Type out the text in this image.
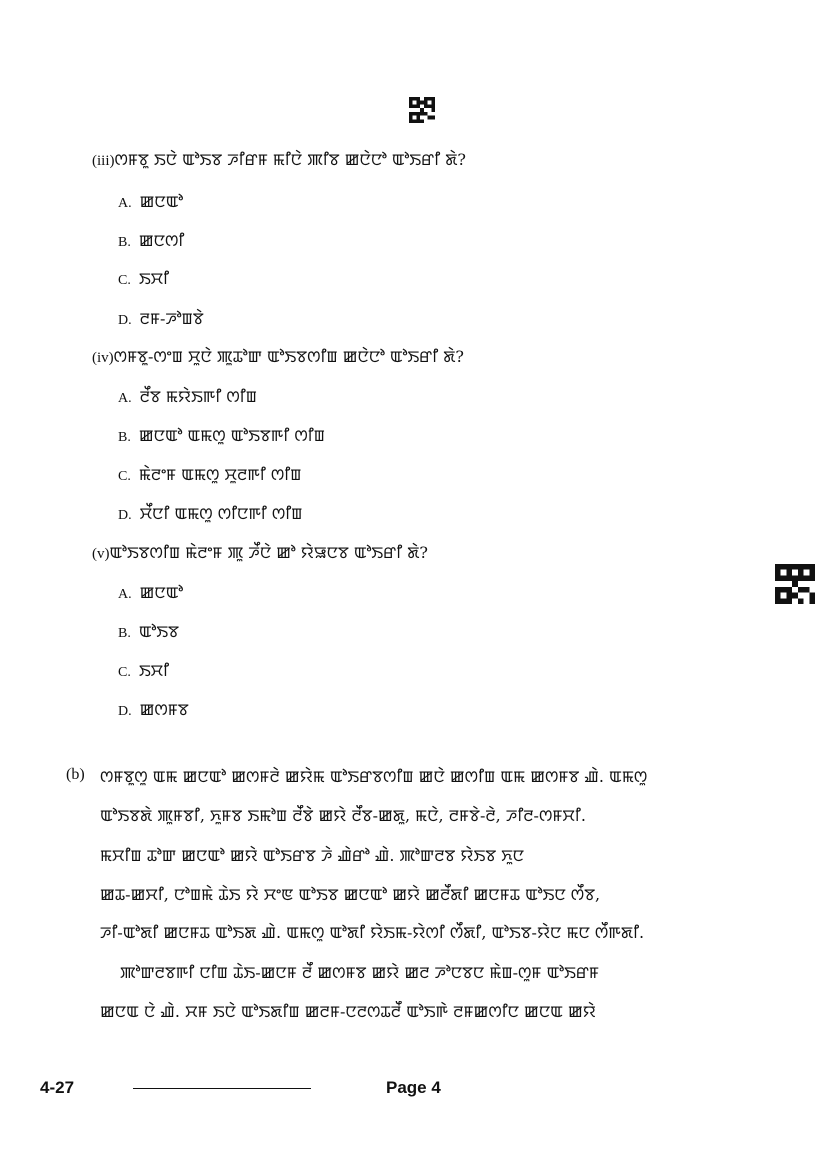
(iii)ꯁꯝꯕꯨ ꯏꯅꯥ ꯑꯣꯏꯕ ꯍꯤꯔꯝ ꯃꯤꯅꯥ ꯄꯤꯕ ꯀꯅꯥꯅꯣ ꯑꯣꯏꯔꯤ ꯗꯥ?
A. ꯀꯅꯑꯣ
B. ꯀꯅꯁꯤ
C. ꯏꯆꯤ
D. ꯂꯝ-ꯍꯣꯡꯕꯥ
(iv)ꯁꯝꯕꯨ-ꯁꯦꯡ ꯆꯨꯅꯥ ꯄꯨꯊꯣꯛ ꯑꯣꯏꯕꯁꯤꯡ ꯀꯅꯥꯅꯣ ꯑꯣꯏꯔꯤ ꯗꯥ?
A. ꯂꯩꯕ ꯃꯌꯥꯏꯒꯤ ꯁꯤꯡ
B. ꯀꯅꯑꯣ ꯑꯃꯁꯨ ꯑꯣꯏꯕꯒꯤ ꯁꯤꯡ
C. ꯃꯥꯂꯦꯝ ꯑꯃꯁꯨ ꯆꯨꯂꯒꯤ ꯁꯤꯡ
D. ꯆꯩꯅꯤ ꯑꯃꯁꯨ ꯁꯤꯅꯒꯤ ꯁꯤꯡ
(v)ꯑꯣꯏꯕꯁꯤꯡ ꯃꯥꯂꯦꯝ ꯄꯨ ꯍꯩꯅꯥ ꯀꯣ ꯌꯥꯎꯅꯕ ꯑꯣꯏꯔꯤ ꯗꯥ?
A. ꯀꯅꯑꯣ
B. ꯑꯣꯏꯕ
C. ꯏꯆꯤ
D. ꯀꯁꯝꯕ
(b) ꯁꯝꯕꯨꯁꯨ ꯑꯃ ꯀꯅꯑꯣ ꯀꯁꯝꯂꯥ ꯀꯌꯥꯃ ꯑꯣꯏꯔꯕꯁꯤꯡ ꯀꯅꯥ ꯀꯁꯤꯡ ꯑꯃ ꯀꯁꯝꯕ ꯉꯥ. ꯑꯃꯁꯨ
ꯑꯣꯏꯕꯗꯥ ꯄꯨꯝꯕꯤ, ꯈꯨꯝꯕ ꯏꯃꯣꯡ ꯂꯩꯕꯥ ꯀꯌꯥ ꯂꯩꯕ-ꯀꯗꯨ, ꯃꯅꯥ, ꯂꯝꯕꯥ-ꯂꯥ, ꯍꯤꯂ-ꯁꯝꯆꯤ.
ꯃꯆꯤꯡ ꯊꯣꯛ ꯀꯅꯑꯣ ꯀꯌꯥ ꯑꯣꯏꯔꯕ ꯍꯥ ꯉꯥꯔꯣ ꯉꯥ. ꯄꯣꯛꯂꯕ ꯌꯥꯏꯕ ꯈꯨꯅ
ꯀꯊ-ꯀꯆꯤ, ꯅꯣꯡꯃꯥ ꯊꯥꯏ ꯌꯥ ꯆꯦꯟ ꯑꯣꯏꯕ ꯀꯅꯑꯣ ꯀꯌꯥ ꯀꯂꯩꯗꯤ ꯀꯅꯝꯊ ꯑꯣꯏꯅ ꯁꯩꯕ,
ꯍꯤ-ꯑꯣꯗꯤ ꯀꯅꯝꯊ ꯑꯣꯏꯗ ꯉꯥ. ꯑꯃꯁꯨ ꯑꯣꯗꯤ ꯌꯥꯏꯃ-ꯌꯥꯁꯤ ꯁꯩꯗꯤ, ꯑꯣꯏꯕ-ꯌꯥꯅ ꯃꯅ ꯁꯩꯒꯗꯤ.
ꯄꯣꯛꯂꯕꯒꯤ ꯅꯤꯡ ꯊꯥꯏ-ꯀꯅꯝ ꯂꯩ ꯀꯁꯝꯕ ꯀꯌꯥ ꯀꯂ ꯍꯣꯅꯕꯅ ꯃꯥꯡ-ꯁꯨꯝ ꯑꯣꯏꯔꯝ
ꯀꯅꯑ ꯅꯥ ꯉꯥ. ꯆꯝ ꯏꯅꯥ ꯑꯣꯏꯗꯤꯡ ꯀꯂꯝ-ꯅꯂꯁꯊꯂꯩ ꯑꯣꯏꯒꯥ ꯂꯝꯀꯁꯤꯅ ꯀꯅꯑ ꯀꯌꯥ
4-27	Page 4
